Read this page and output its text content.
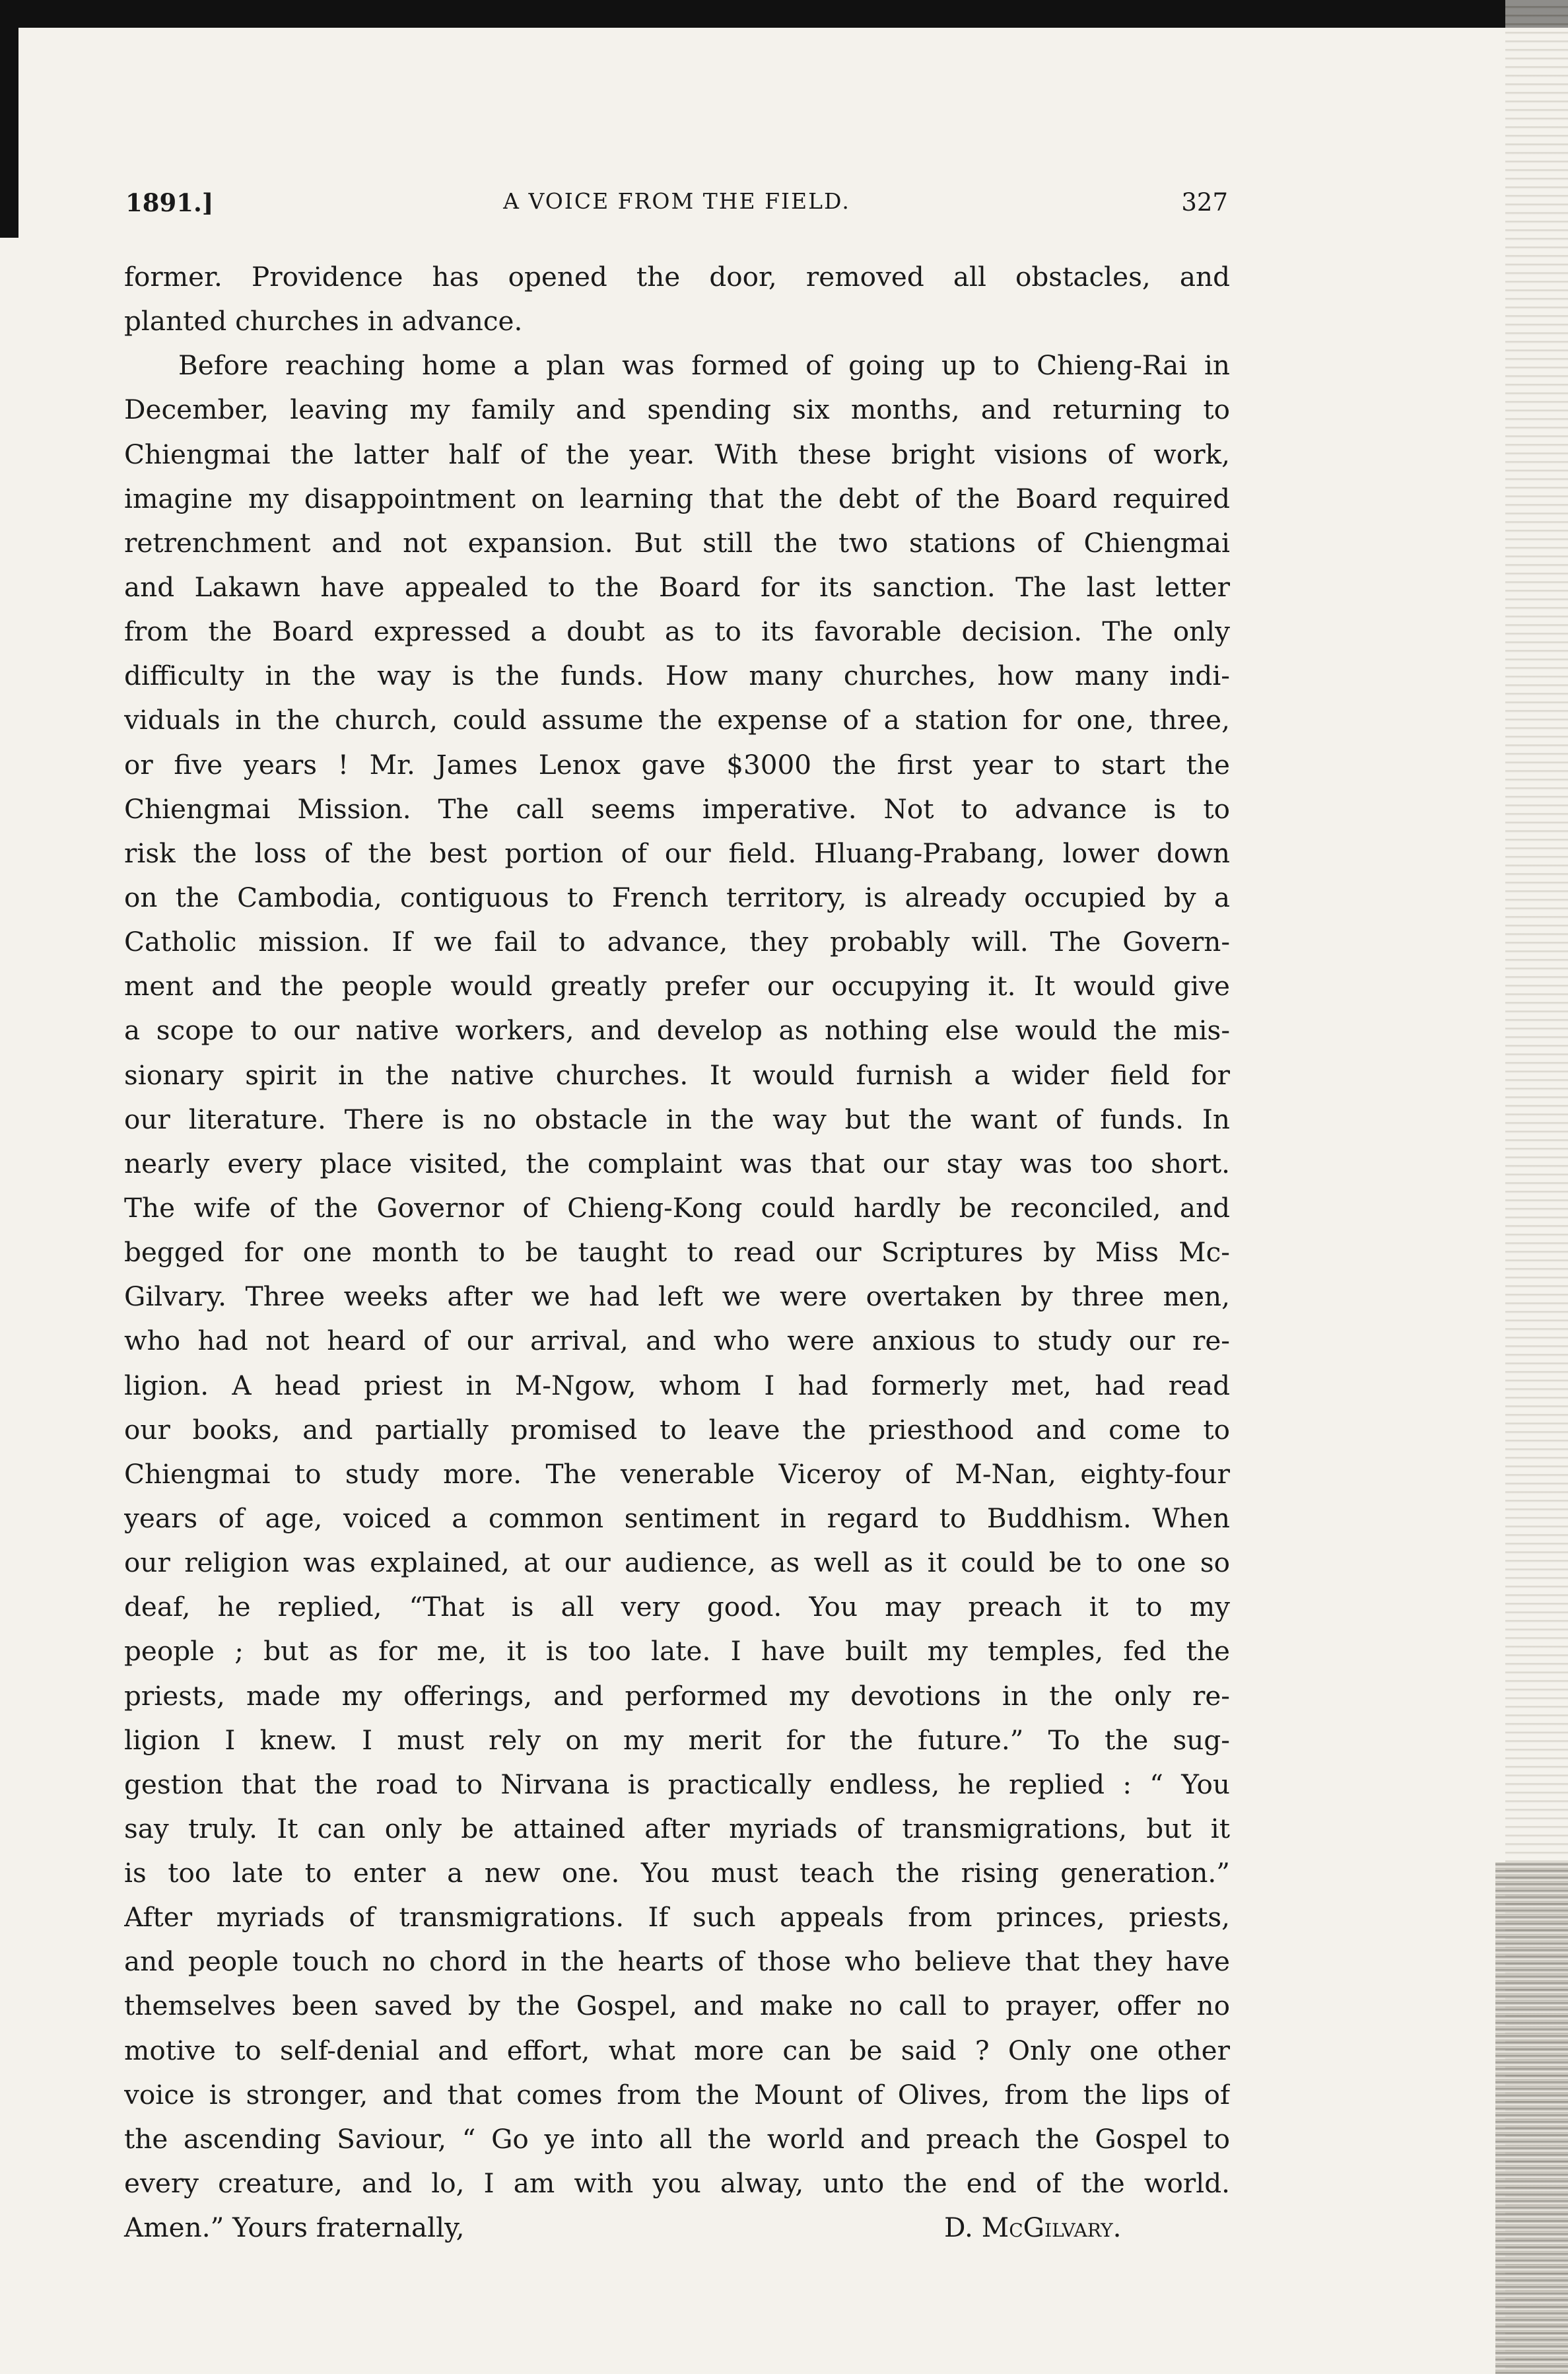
1891.]	A VOICE FROM THE FIELD.	327
former. Providence has opened the door, removed all obstacles, and
planted churches in advance.
Before reaching home a plan was formed of going up to Chieng-Rai in
December, leaving my family and spending six months, and returning to
Chiengmai the latter half of the year. With these bright visions of work,
imagine my disappointment on learning that the debt of the Board required
retrenchment and not expansion. But still the two stations of Chiengmai
and Lakawn have appealed to the Board for its sanction. The last letter
from the Board expressed a doubt as to its favorable decision. The only
difficulty in the way is the funds. How many churches, how many indi-
viduals in the church, could assume the expense of a station for one, three,
or five years ! Mr. James Lenox gave $3000 the first year to start the
Chiengmai Mission. The call seems imperative. Not to advance is to
risk the loss of the best portion of our field. Hluang-Prabang, lower down
on the Cambodia, contiguous to French territory, is already occupied by a
Catholic mission. If we fail to advance, they probably will. The Govern-
ment and the people would greatly prefer our occupying it. It would give
a scope to our native workers, and develop as nothing else would the mis-
sionary spirit in the native churches. It would furnish a wider field for
our literature. There is no obstacle in the way but the want of funds. In
nearly every place visited, the complaint was that our stay was too short.
The wife of the Governor of Chieng-Kong could hardly be reconciled, and
begged for one month to be taught to read our Scriptures by Miss Mc-
Gilvary. Three weeks after we had left we were overtaken by three men,
who had not heard of our arrival, and who were anxious to study our re-
ligion. A head priest in M-Ngow, whom I had formerly met, had read
our books, and partially promised to leave the priesthood and come to
Chiengmai to study more. The venerable Viceroy of M-Nan, eighty-four
years of age, voiced a common sentiment in regard to Buddhism. When
our religion was explained, at our audience, as well as it could be to one so
deaf, he replied, “That is all very good. You may preach it to my
people ; but as for me, it is too late. I have built my temples, fed the
priests, made my offerings, and performed my devotions in the only re-
ligion I knew. I must rely on my merit for the future.” To the sug-
gestion that the road to Nirvana is practically endless, he replied : “ You
say truly. It can only be attained after myriads of transmigrations, but it
is too late to enter a new one. You must teach the rising generation.”
After myriads of transmigrations. If such appeals from princes, priests,
and people touch no chord in the hearts of those who believe that they have
themselves been saved by the Gospel, and make no call to prayer, offer no
motive to self-denial and effort, what more can be said ? Only one other
voice is stronger, and that comes from the Mount of Olives, from the lips of
the ascending Saviour, “ Go ye into all the world and preach the Gospel to
every creature, and lo, I am with you alway, unto the end of the world.
Amen.” Yours fraternally,	D. McGilvary.
